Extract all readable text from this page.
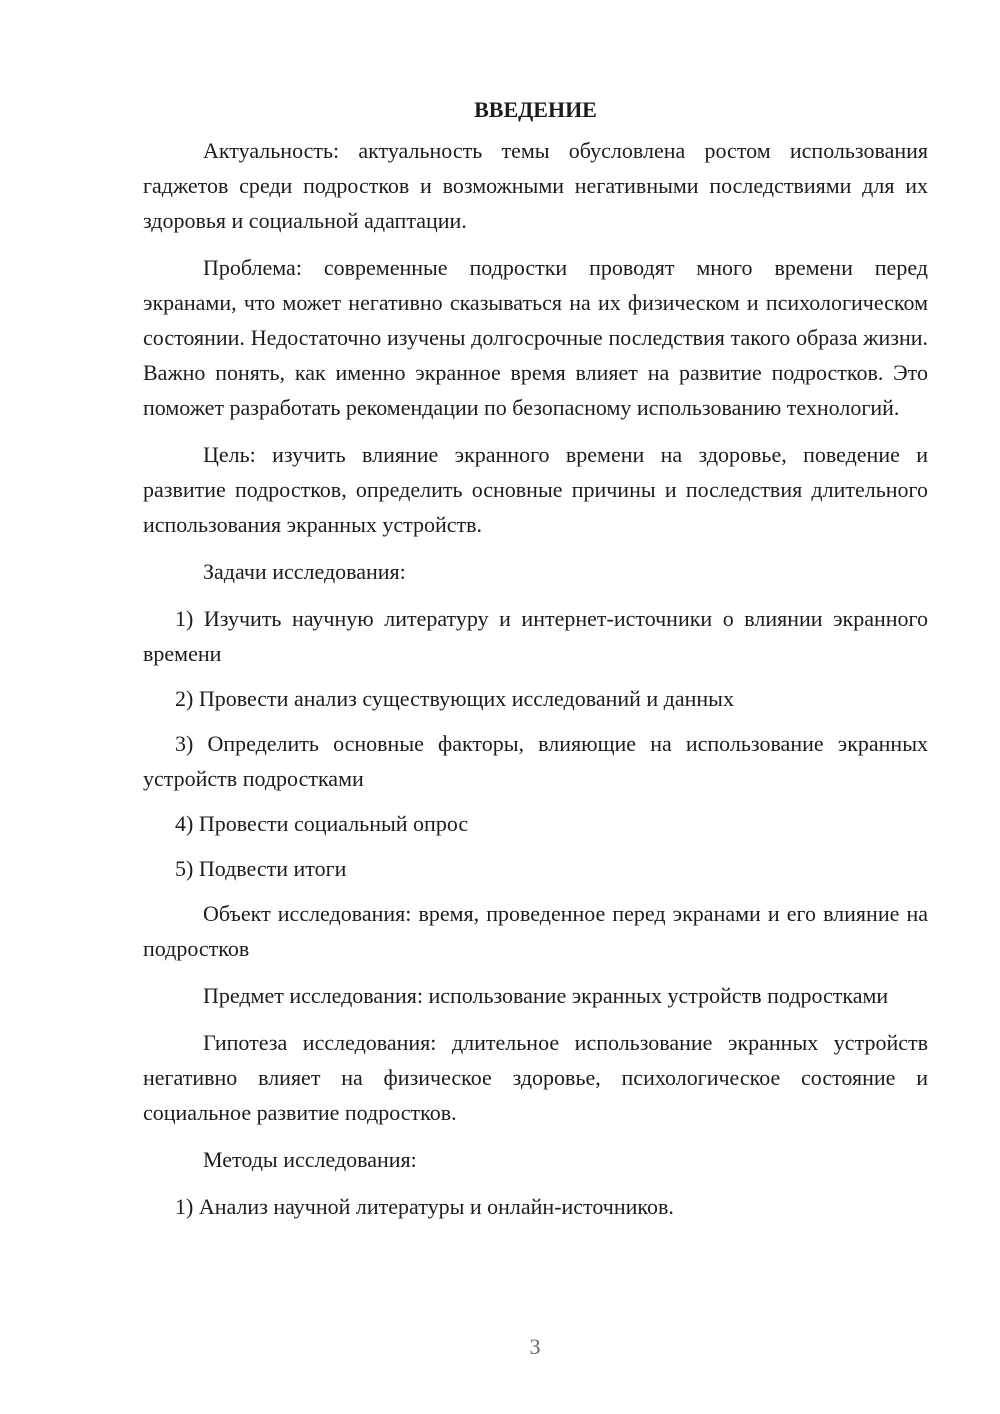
ВВЕДЕНИЕ

Актуальность: актуальность темы обусловлена ростом использования гаджетов среди подростков и возможными негативными последствиями для их здоровья и социальной адаптации.

Проблема: современные подростки проводят много времени перед экранами, что может негативно сказываться на их физическом и психологическом состоянии. Недостаточно изучены долгосрочные последствия такого образа жизни. Важно понять, как именно экранное время влияет на развитие подростков. Это поможет разработать рекомендации по безопасному использованию технологий.

Цель: изучить влияние экранного времени на здоровье, поведение и развитие подростков, определить основные причины и последствия длительного использования экранных устройств.

Задачи исследования:

1) Изучить научную литературу и интернет-источники о влиянии экранного времени

2) Провести анализ существующих исследований и данных

3) Определить основные факторы, влияющие на использование экранных устройств подростками

4) Провести социальный опрос

5) Подвести итоги

Объект исследования: время, проведенное перед экранами и его влияние на подростков

Предмет исследования: использование экранных устройств подростками

Гипотеза исследования: длительное использование экранных устройств негативно влияет на физическое здоровье, психологическое состояние и социальное развитие подростков.

Методы исследования:

1) Анализ научной литературы и онлайн-источников.

3
